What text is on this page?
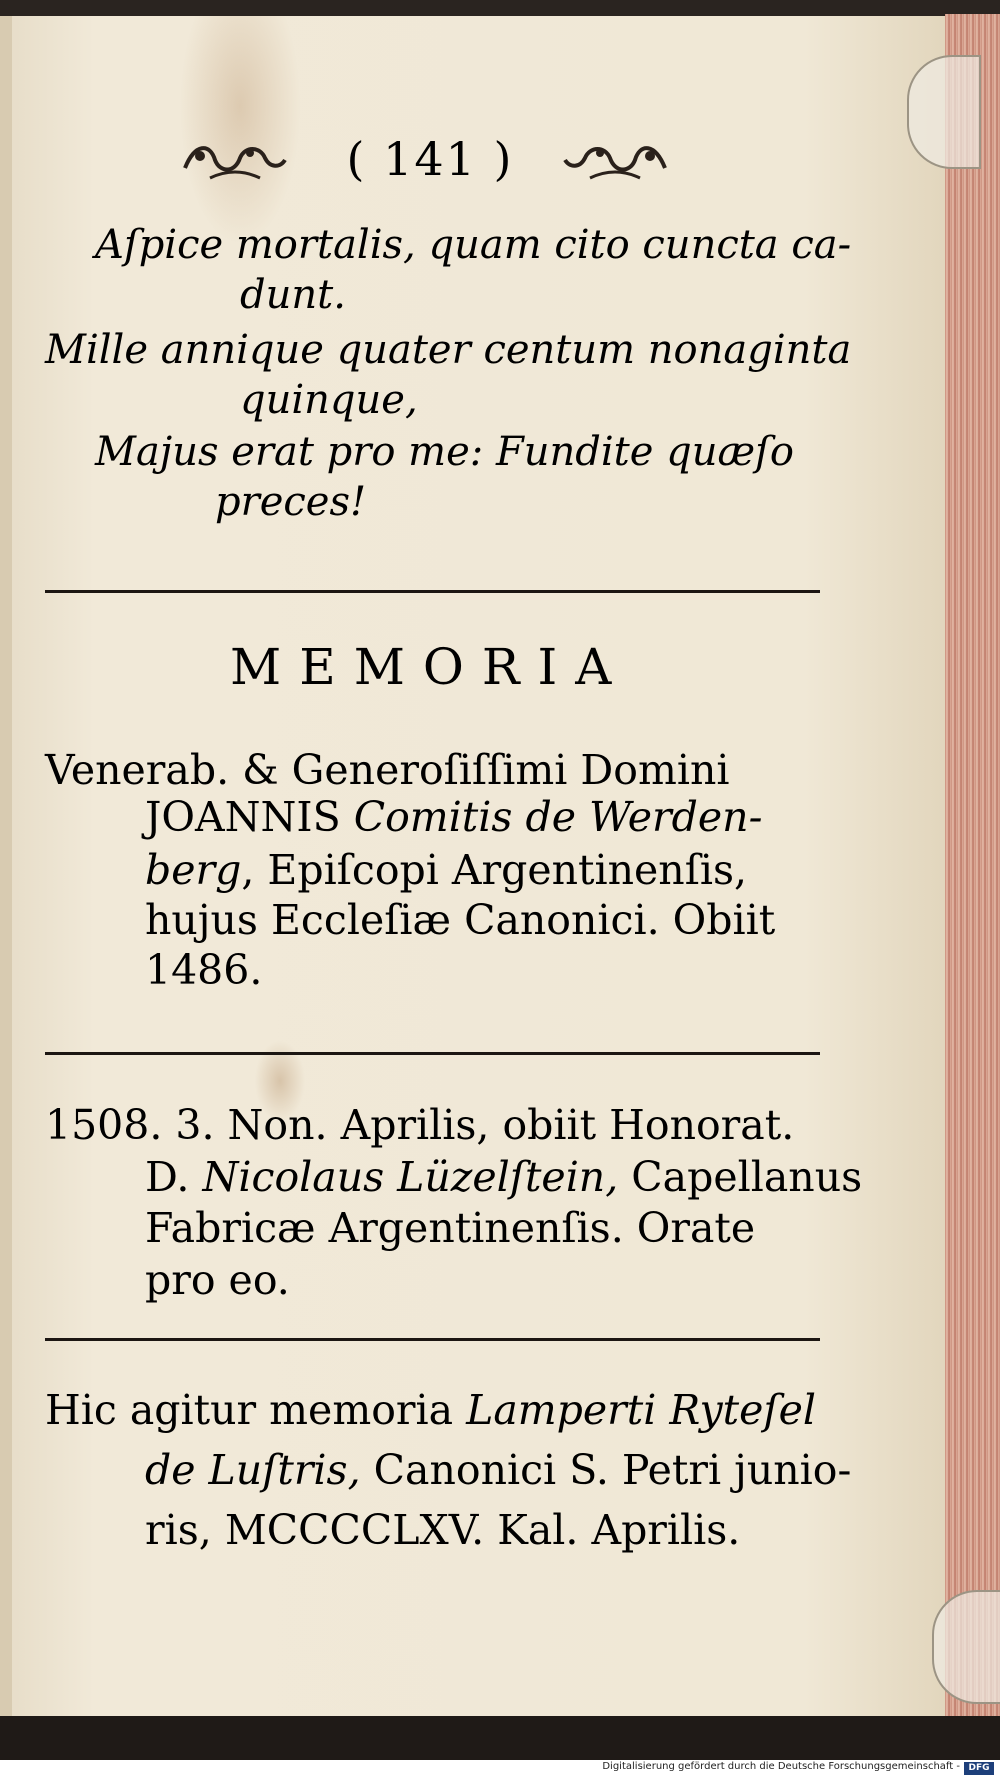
( 141 )
Aſpice mortalis, quam cito cuncta ca-
dunt.
Mille annique quater centum nonaginta
quinque,
Majus erat pro me: Fundite quæſo
preces!
MEMORIA
Venerab. & Generoſiſſimi Domini
JOANNIS Comitis de Werden-
berg, Epiſcopi Argentinenſis,
hujus Eccleſiæ Canonici. Obiit
1486.
1508. 3. Non. Aprilis, obiit Honorat.
D. Nicolaus Lüzelſtein, Capellanus
Fabricæ Argentinenſis. Orate
pro eo.
Hic agitur memoria Lamperti Ryteſel
de Luſtris, Canonici S. Petri junio-
ris, MCCCCLXV. Kal. Aprilis.
Digitalisierung gefördert durch die Deutsche Forschungsgemeinschaft - DFG
